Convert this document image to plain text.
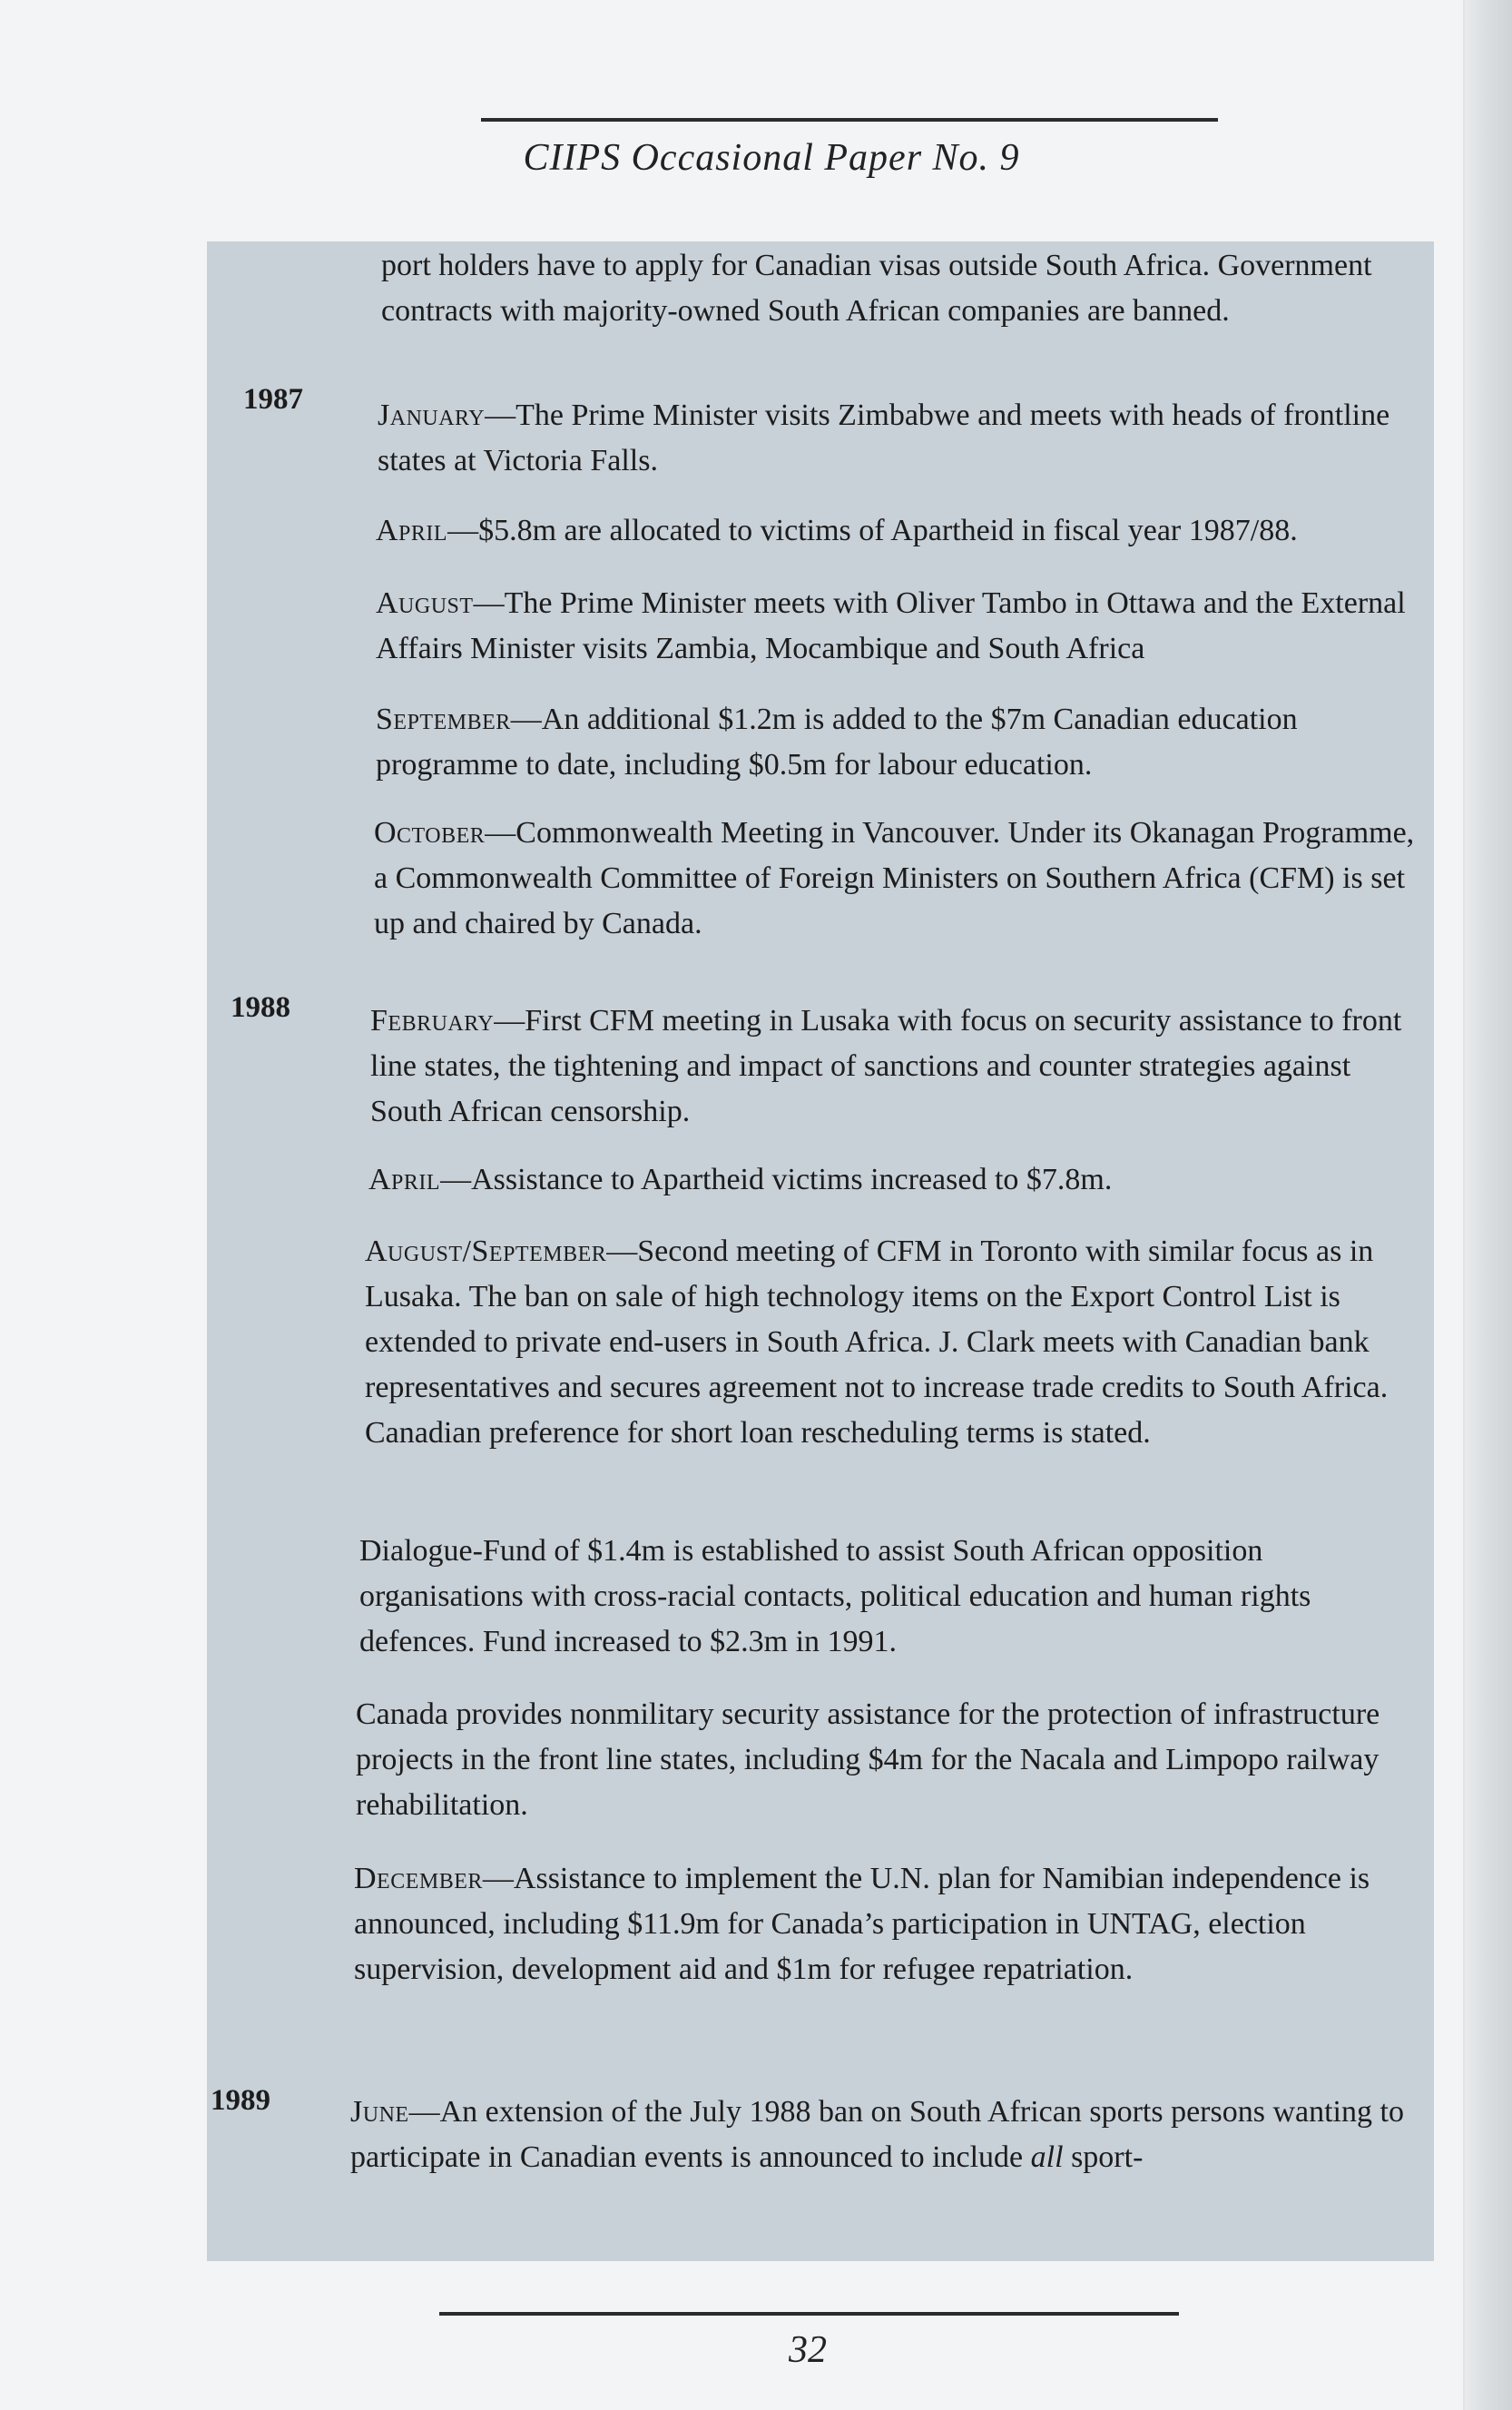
CIIPS Occasional Paper No. 9

port holders have to apply for Canadian visas outside South Africa. Government contracts with majority-owned South African companies are banned.

1987 January—The Prime Minister visits Zimbabwe and meets with heads of frontline states at Victoria Falls.

April—$5.8m are allocated to victims of Apartheid in fiscal year 1987/88.

August—The Prime Minister meets with Oliver Tambo in Ottawa and the External Affairs Minister visits Zambia, Mocambique and South Africa

September—An additional $1.2m is added to the $7m Canadian education programme to date, including $0.5m for labour education.

October—Commonwealth Meeting in Vancouver. Under its Okanagan Programme, a Commonwealth Committee of Foreign Ministers on Southern Africa (CFM) is set up and chaired by Canada.

1988	February—First CFM meeting in Lusaka with focus on security assistance to front line states, the tightening and impact of sanctions and counter strategies against South African censorship.

April—Assistance to Apartheid victims increased to $7.8m.

August/September—Second meeting of CFM in Toronto with similar focus as in Lusaka. The ban on sale of high technology items on the Export Control List is extended to private end-users in South Africa. J. Clark meets with Canadian bank representatives and secures agreement not to increase trade credits to South Africa. Canadian preference for short loan rescheduling terms is stated.

Dialogue-Fund of $1.4m is established to assist South African opposition organisations with cross-racial contacts, political education and human rights defences. Fund increased to $2.3m in 1991.

Canada provides nonmilitary security assistance for the protection of infrastructure projects in the front line states, including $4m for the Nacala and Limpopo railway rehabilitation.

December—Assistance to implement the U.N. plan for Namibian independence is announced, including $11.9m for Canada’s participation in UNTAG, election supervision, development aid and $1m for refugee repatriation.

1989	June—An extension of the July 1988 ban on South African sports persons wanting to participate in Canadian events is announced to include all sport-

32
